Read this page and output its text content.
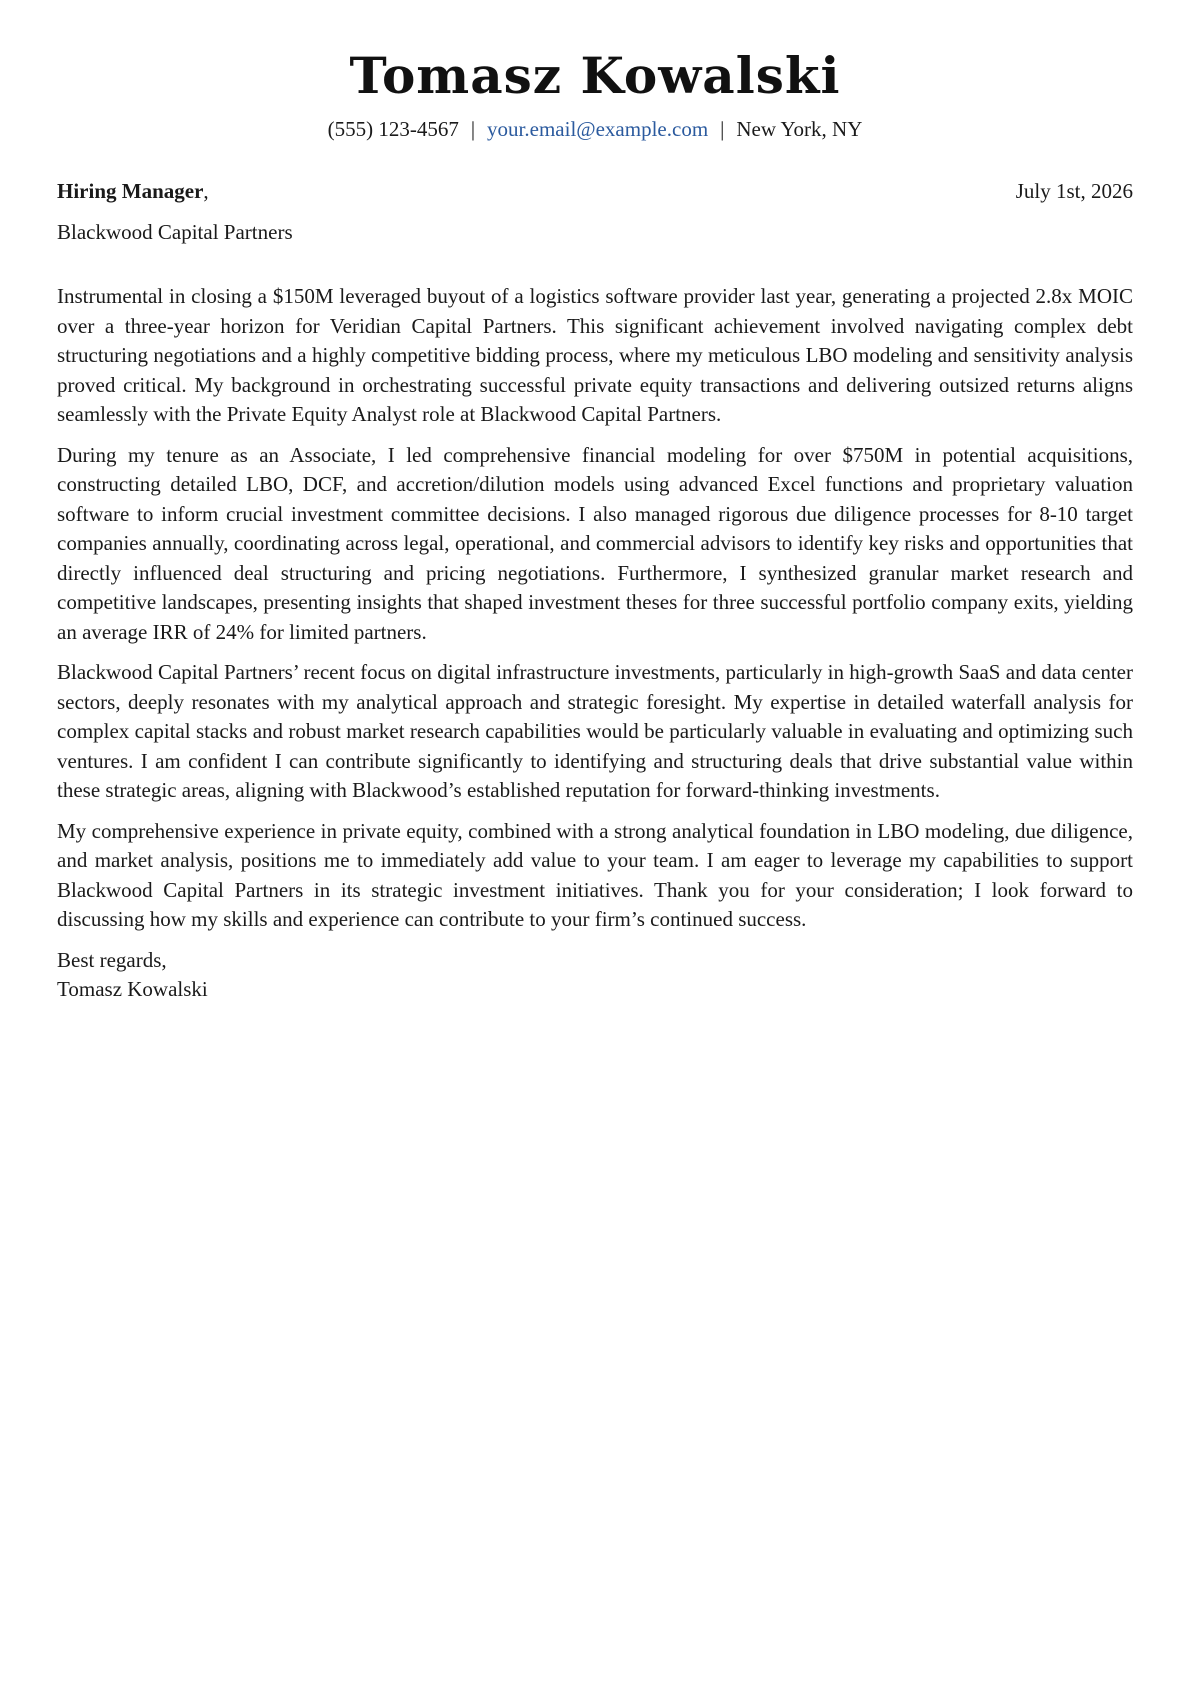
Tomasz Kowalski
(555) 123-4567 | your.email@example.com | New York, NY
Hiring Manager,	July 1st, 2026
Blackwood Capital Partners

Instrumental in closing a $150M leveraged buyout of a logistics software provider last year, generating a projected 2.8x MOIC over a three-year horizon for Veridian Capital Partners. This significant achievement involved navigating complex debt structuring negotiations and a highly competitive bidding process, where my meticulous LBO modeling and sensitivity analysis proved critical. My background in orchestrating successful private equity transactions and delivering outsized returns aligns seamlessly with the Private Equity Analyst role at Blackwood Capital Partners.

During my tenure as an Associate, I led comprehensive financial modeling for over $750M in potential acquisitions, constructing detailed LBO, DCF, and accretion/dilution models using advanced Excel functions and proprietary valuation software to inform crucial investment committee decisions. I also managed rigorous due diligence processes for 8-10 target companies annually, coordinating across legal, operational, and commercial advisors to identify key risks and opportunities that directly influenced deal structuring and pricing negotiations. Furthermore, I synthesized granular market research and competitive landscapes, presenting insights that shaped investment theses for three successful portfolio company exits, yielding an average IRR of 24% for limited partners.

Blackwood Capital Partners’ recent focus on digital infrastructure investments, particularly in high-growth SaaS and data center sectors, deeply resonates with my analytical approach and strategic foresight. My expertise in detailed waterfall analysis for complex capital stacks and robust market research capabilities would be particularly valuable in evaluating and optimizing such ventures. I am confident I can contribute significantly to identifying and structuring deals that drive substantial value within these strategic areas, aligning with Blackwood’s established reputation for forward-thinking investments.

My comprehensive experience in private equity, combined with a strong analytical foundation in LBO modeling, due diligence, and market analysis, positions me to immediately add value to your team. I am eager to leverage my capabilities to support Blackwood Capital Partners in its strategic investment initiatives. Thank you for your consideration; I look forward to discussing how my skills and experience can contribute to your firm’s continued success.

Best regards,
Tomasz Kowalski
